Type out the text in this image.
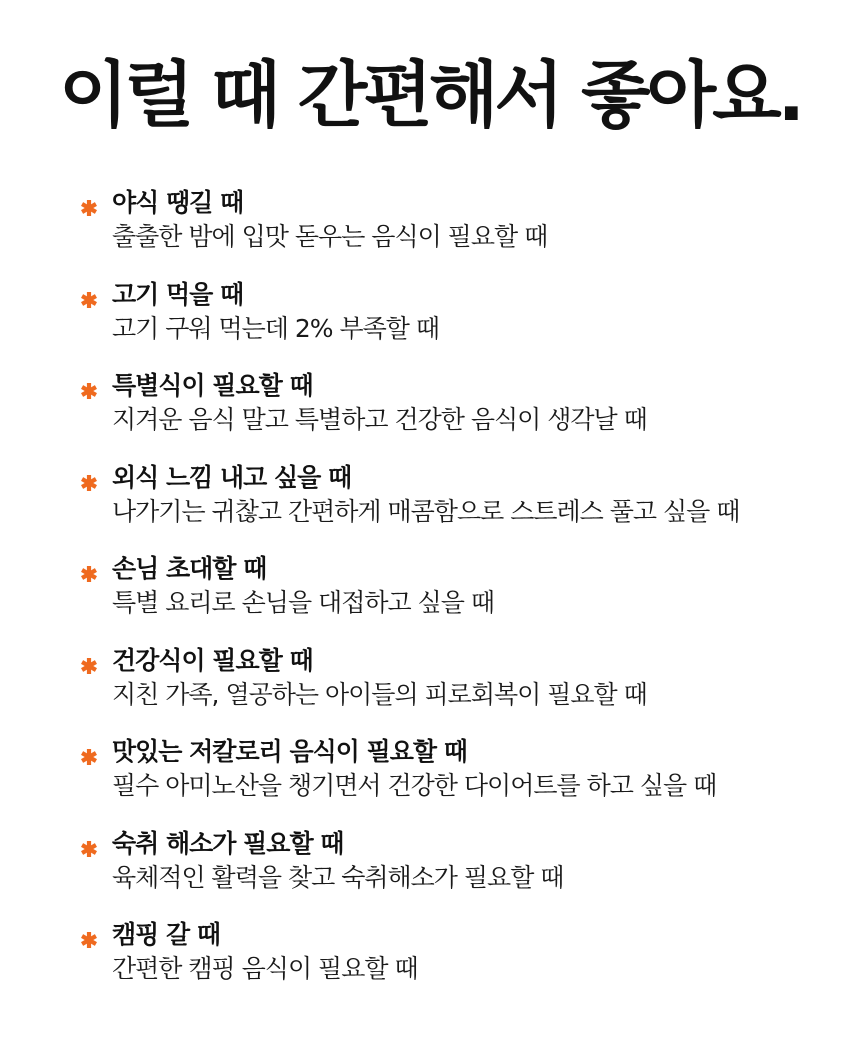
이럴 때 간편해서 좋아요.
야식 땡길 때
출출한 밤에 입맛 돋우는 음식이 필요할 때
고기 먹을 때
고기 구워 먹는데 2% 부족할 때
특별식이 필요할 때
지겨운 음식 말고 특별하고 건강한 음식이 생각날 때
외식 느낌 내고 싶을 때
나가기는 귀찮고 간편하게 매콤함으로 스트레스 풀고 싶을 때
손님 초대할 때
특별 요리로 손님을 대접하고 싶을 때
건강식이 필요할 때
지친 가족, 열공하는 아이들의 피로회복이 필요할 때
맛있는 저칼로리 음식이 필요할 때
필수 아미노산을 챙기면서 건강한 다이어트를 하고 싶을 때
숙취 해소가 필요할 때
육체적인 활력을 찾고 숙취해소가 필요할 때
캠핑 갈 때
간편한 캠핑 음식이 필요할 때
